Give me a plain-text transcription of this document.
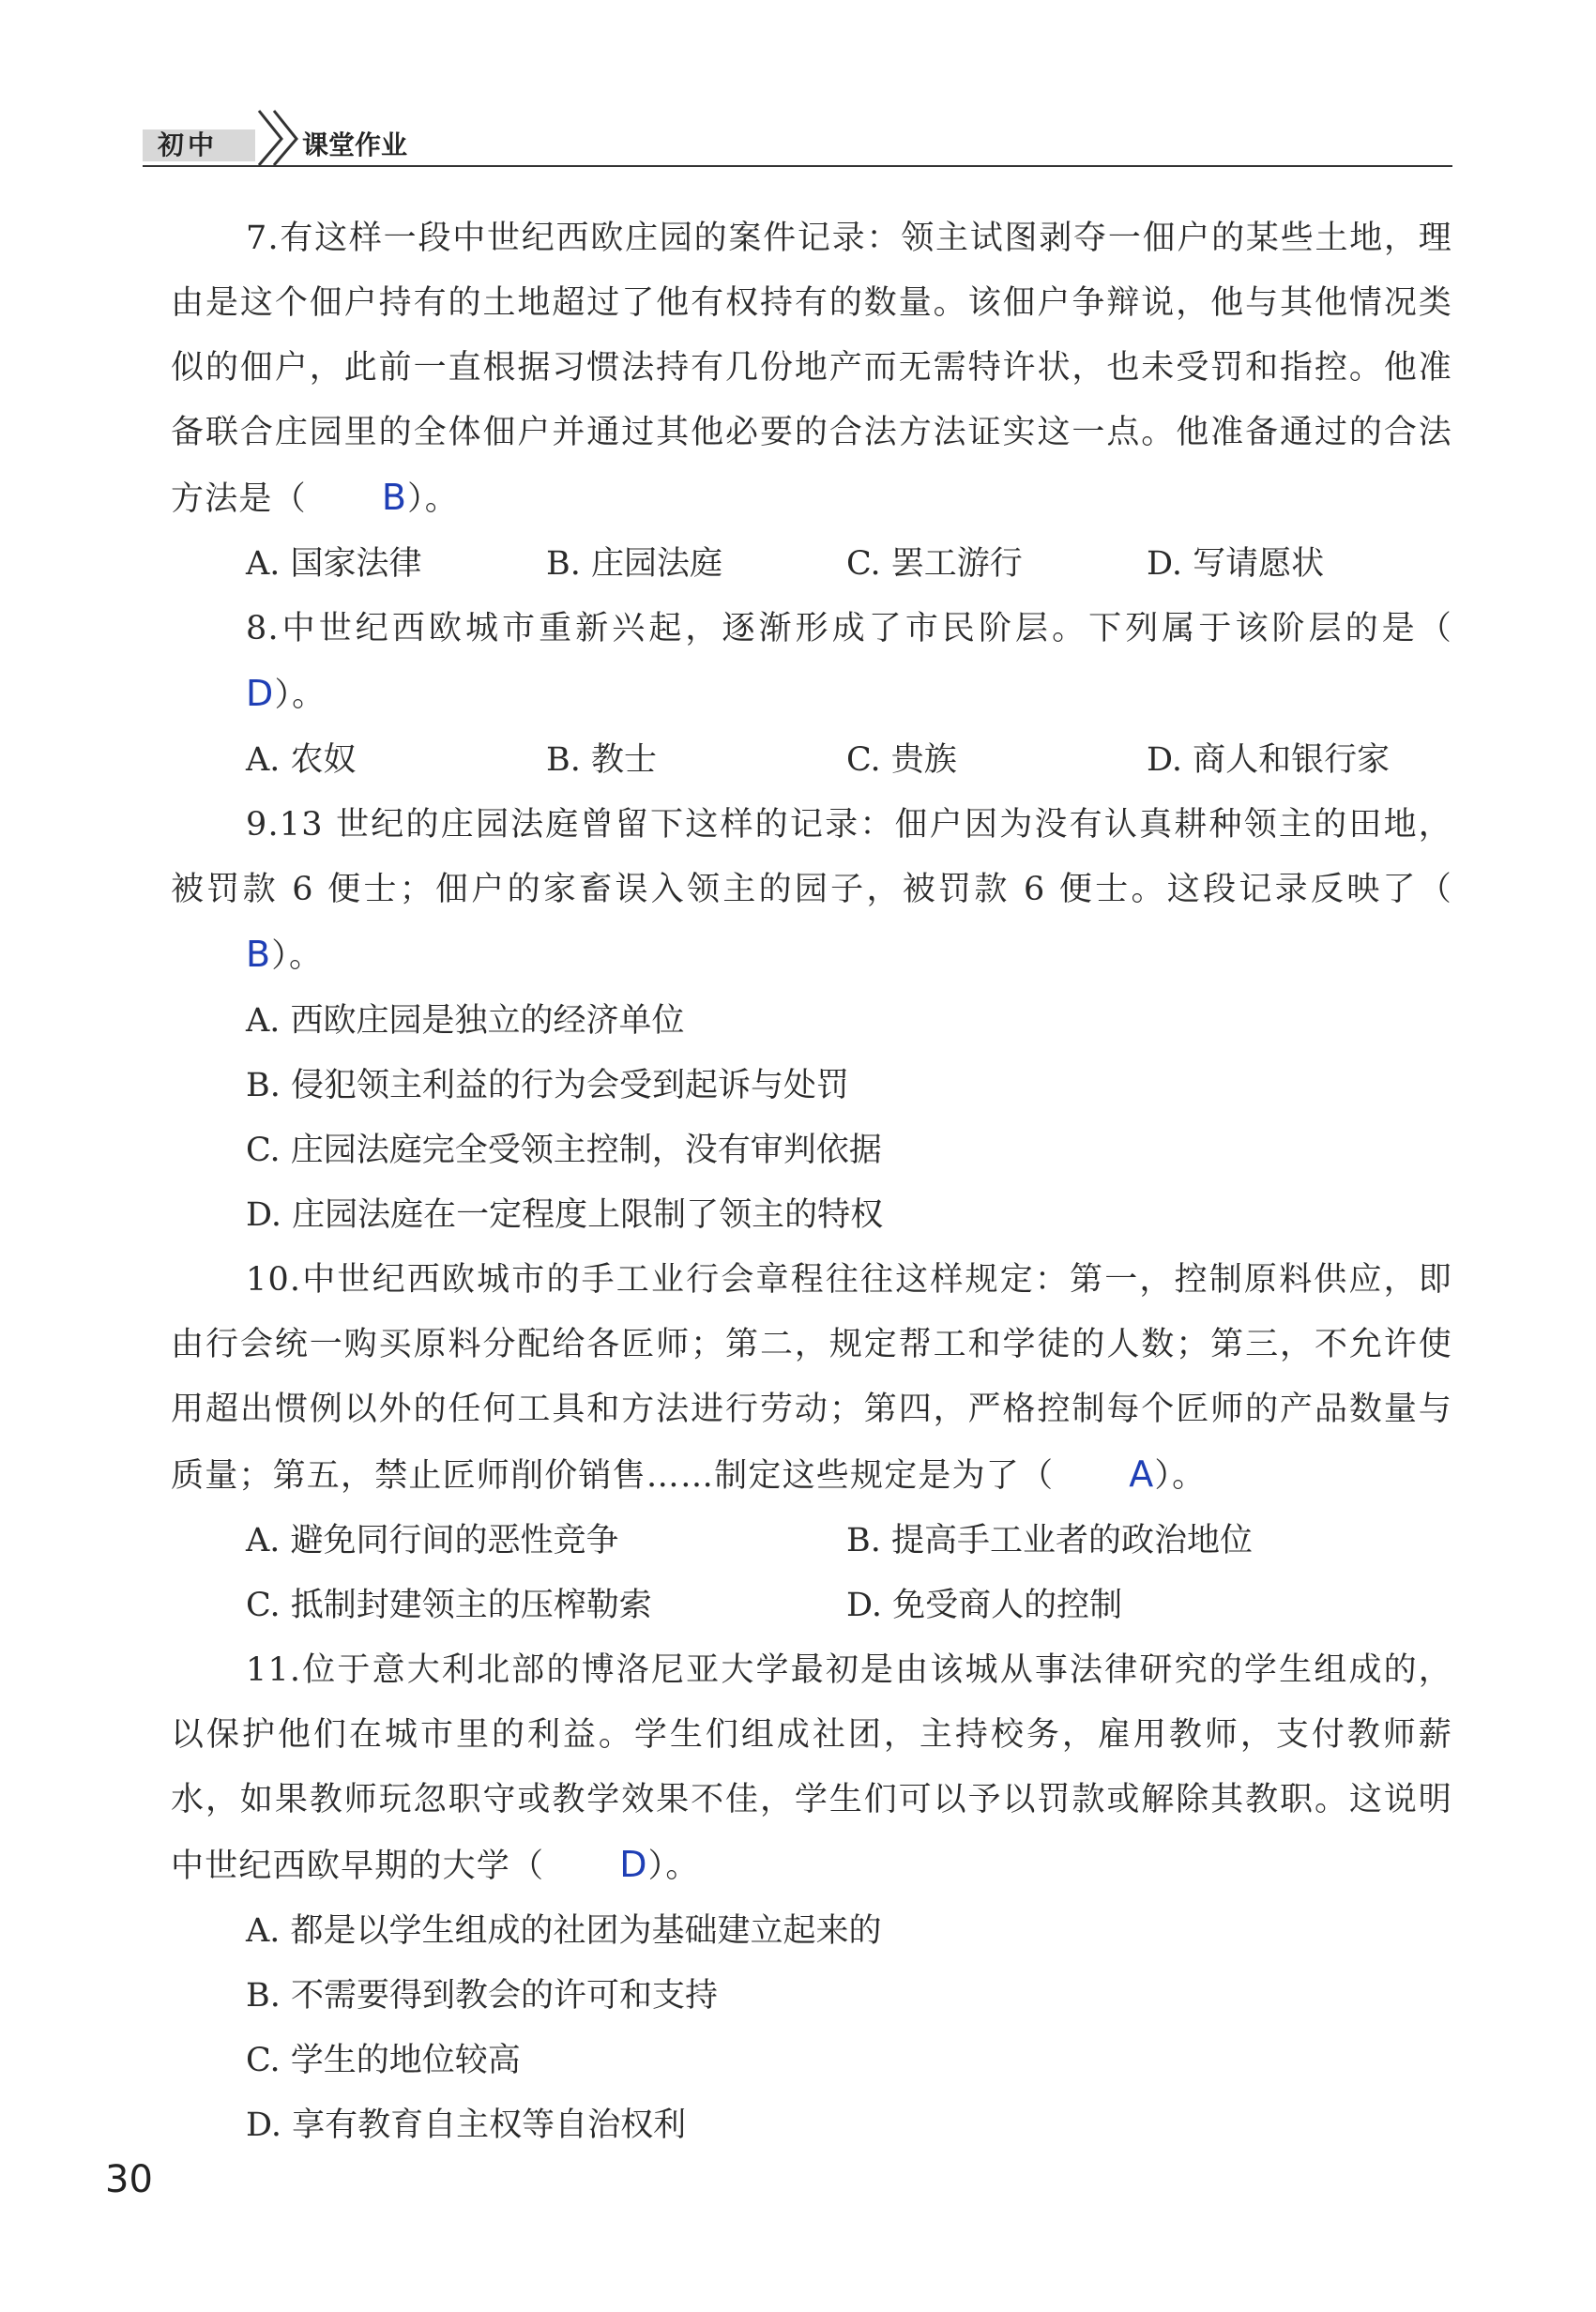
初中	课堂作业
7.有这样一段中世纪西欧庄园的案件记录：领主试图剥夺一佃户的某些土地，理由是这个佃户持有的土地超过了他有权持有的数量。该佃户争辩说，他与其他情况类似的佃户，此前一直根据习惯法持有几份地产而无需特许状，也未受罚和指控。他准备联合庄园里的全体佃户并通过其他必要的合法方法证实这一点。他准备通过的合法方法是（ B）。
A. 国家法律	B. 庄园法庭	C. 罢工游行	D. 写请愿状
8.中世纪西欧城市重新兴起，逐渐形成了市民阶层。下列属于该阶层的是（D）。
A. 农奴	B. 教士	C. 贵族	D. 商人和银行家
9.13 世纪的庄园法庭曾留下这样的记录：佃户因为没有认真耕种领主的田地，被罚款 6 便士；佃户的家畜误入领主的园子，被罚款 6 便士。这段记录反映了（B）。
A. 西欧庄园是独立的经济单位
B. 侵犯领主利益的行为会受到起诉与处罚
C. 庄园法庭完全受领主控制，没有审判依据
D. 庄园法庭在一定程度上限制了领主的特权
10.中世纪西欧城市的手工业行会章程往往这样规定：第一，控制原料供应，即由行会统一购买原料分配给各匠师；第二，规定帮工和学徒的人数；第三，不允许使用超出惯例以外的任何工具和方法进行劳动；第四，严格控制每个匠师的产品数量与质量；第五，禁止匠师削价销售……制定这些规定是为了（ A）。
A. 避免同行间的恶性竞争	B. 提高手工业者的政治地位
C. 抵制封建领主的压榨勒索	D. 免受商人的控制
11.位于意大利北部的博洛尼亚大学最初是由该城从事法律研究的学生组成的，以保护他们在城市里的利益。学生们组成社团，主持校务，雇用教师，支付教师薪水，如果教师玩忽职守或教学效果不佳，学生们可以予以罚款或解除其教职。这说明中世纪西欧早期的大学（ D）。
A. 都是以学生组成的社团为基础建立起来的
B. 不需要得到教会的许可和支持
C. 学生的地位较高
D. 享有教育自主权等自治权利
30
